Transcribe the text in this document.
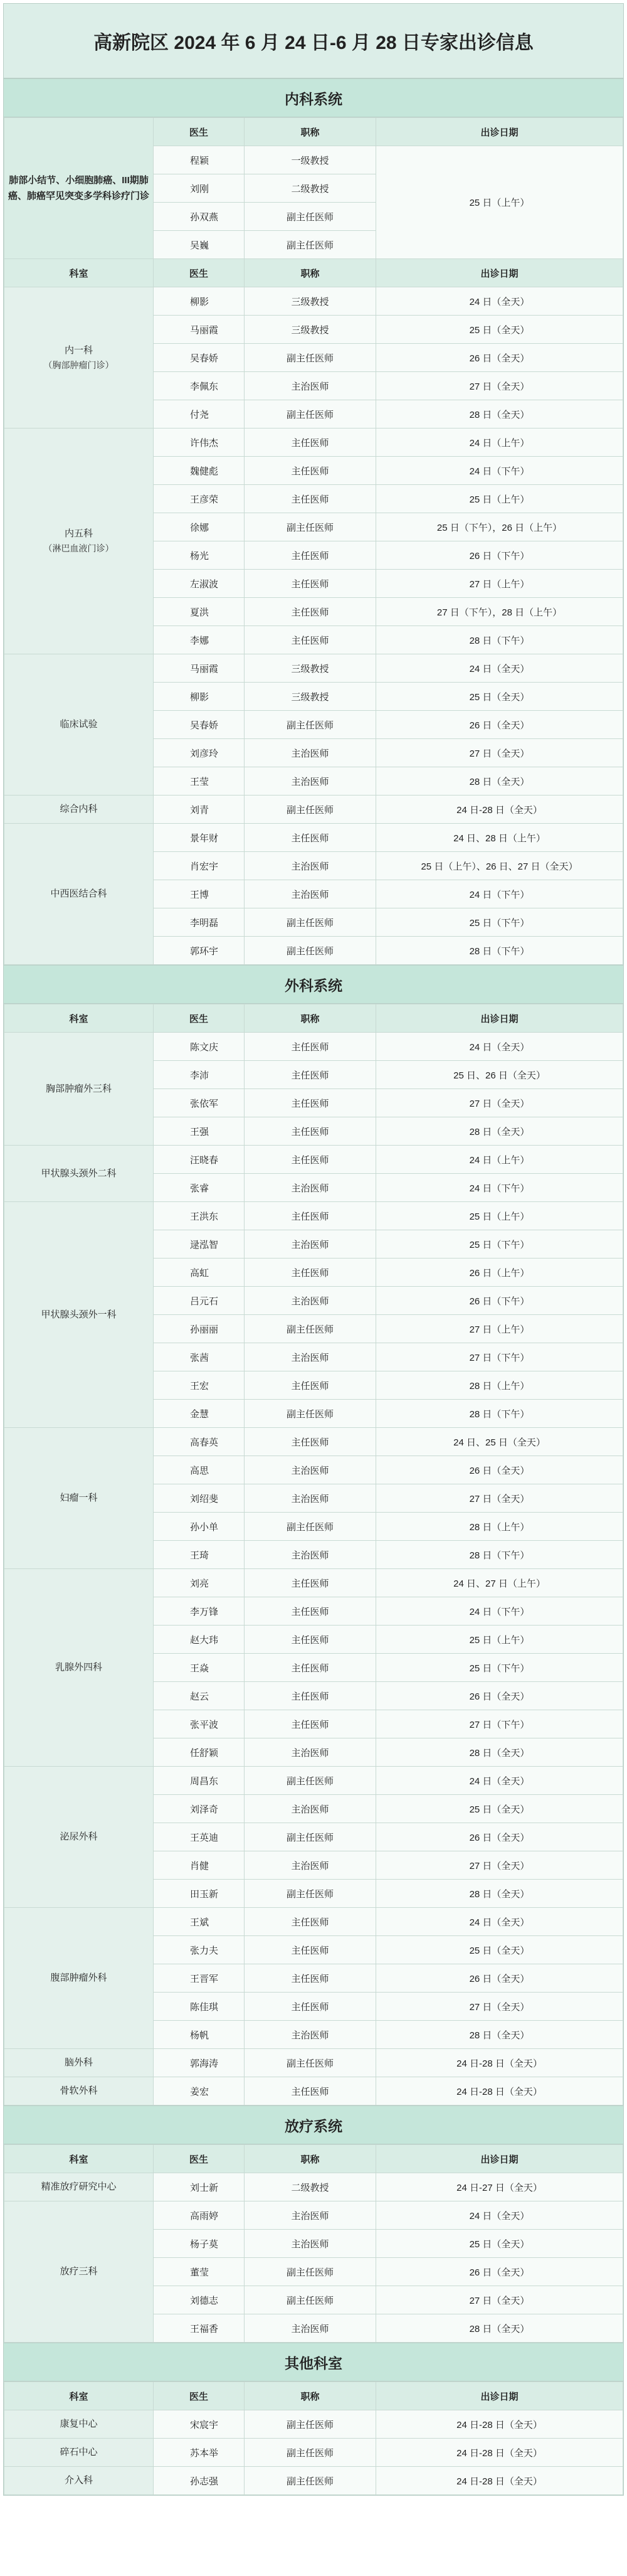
高新院区 2024 年 6 月 24 日-6 月 28 日专家出诊信息
内科系统
肺部小结节、小细胞肺癌、III期肺癌、肺癌罕见突变多学科诊疗门诊	医生	职称	出诊日期
	程颖	一级教授	25 日（上午）
	刘刚	二级教授	
	孙双燕	副主任医师	
	吴巍	副主任医师	
科室	医生	职称	出诊日期
内一科
（胸部肿瘤门诊）	柳影	三级教授	24 日（全天）
	马丽霞	三级教授	25 日（全天）
	吴春娇	副主任医师	26 日（全天）
	李佩东	主治医师	27 日（全天）
	付尧	副主任医师	28 日（全天）
内五科
（淋巴血液门诊）	许伟杰	主任医师	24 日（上午）
	魏健彪	主任医师	24 日（下午）
	王彦荣	主任医师	25 日（上午）
	徐娜	副主任医师	25 日（下午），26 日（上午）
	杨光	主任医师	26 日（下午）
	左淑波	主任医师	27 日（上午）
	夏洪	主任医师	27 日（下午），28 日（上午）
	李娜	主任医师	28 日（下午）
临床试验	马丽霞	三级教授	24 日（全天）
	柳影	三级教授	25 日（全天）
	吴春娇	副主任医师	26 日（全天）
	刘彦玲	主治医师	27 日（全天）
	王莹	主治医师	28 日（全天）
综合内科	刘青	副主任医师	24 日-28 日（全天）
中西医结合科	景年财	主任医师	24 日、28 日（上午）
	肖宏宇	主治医师	25 日（上午）、26 日、27 日（全天）
	王博	主治医师	24 日（下午）
	李明磊	副主任医师	25 日（下午）
	郭环宇	副主任医师	28 日（下午）
外科系统
科室	医生	职称	出诊日期
胸部肿瘤外三科	陈文庆	主任医师	24 日（全天）
	李沛	主任医师	25 日、26 日（全天）
	张依军	主任医师	27 日（全天）
	王强	主任医师	28 日（全天）
甲状腺头颈外二科	汪晓春	主任医师	24 日（上午）
	张睿	主治医师	24 日（下午）
甲状腺头颈外一科	王洪东	主任医师	25 日（上午）
	逯泓智	主治医师	25 日（下午）
	高虹	主任医师	26 日（上午）
	吕元石	主治医师	26 日（下午）
	孙丽丽	副主任医师	27 日（上午）
	张茜	主治医师	27 日（下午）
	王宏	主任医师	28 日（上午）
	金慧	副主任医师	28 日（下午）
妇瘤一科	高春英	主任医师	24 日、25 日（全天）
	高思	主治医师	26 日（全天）
	刘绍斐	主治医师	27 日（全天）
	孙小单	副主任医师	28 日（上午）
	王琦	主治医师	28 日（下午）
乳腺外四科	刘亮	主任医师	24 日、27 日（上午）
	李万锋	主任医师	24 日（下午）
	赵大玮	主任医师	25 日（上午）
	王焱	主任医师	25 日（下午）
	赵云	主任医师	26 日（全天）
	张平波	主任医师	27 日（下午）
	任舒颖	主治医师	28 日（全天）
泌尿外科	周昌东	副主任医师	24 日（全天）
	刘泽奇	主治医师	25 日（全天）
	王英迪	副主任医师	26 日（全天）
	肖健	主治医师	27 日（全天）
	田玉新	副主任医师	28 日（全天）
腹部肿瘤外科	王斌	主任医师	24 日（全天）
	张力夫	主任医师	25 日（全天）
	王晋军	主任医师	26 日（全天）
	陈佳琪	主任医师	27 日（全天）
	杨帆	主治医师	28 日（全天）
脑外科	郭海涛	副主任医师	24 日-28 日（全天）
骨软外科	姜宏	主任医师	24 日-28 日（全天）
放疗系统
科室	医生	职称	出诊日期
精准放疗研究中心	刘士新	二级教授	24 日-27 日（全天）
放疗三科	高雨婷	主治医师	24 日（全天）
	杨子莫	主治医师	25 日（全天）
	董莹	副主任医师	26 日（全天）
	刘德志	副主任医师	27 日（全天）
	王福香	主治医师	28 日（全天）
其他科室
科室	医生	职称	出诊日期
康复中心	宋宸宇	副主任医师	24 日-28 日（全天）
碎石中心	苏本举	副主任医师	24 日-28 日（全天）
介入科	孙志强	副主任医师	24 日-28 日（全天）
